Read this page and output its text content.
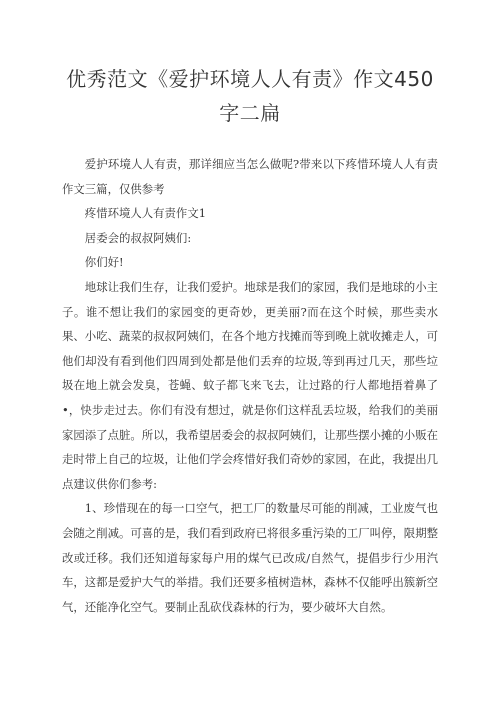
优秀范文《爱护环境人人有责》作文450字二扁

爱护环境人人有责，那详细应当怎么做呢?带来以下疼惜环境人人有责作文三篇，仅供参考

疼惜环境人人有责作文1

居委会的叔叔阿姨们:

你们好!

地球让我们生存，让我们爱护。地球是我们的家园，我们是地球的小主子。谁不想让我们的家园变的更奇妙，更美丽?而在这个时候，那些卖水果、小吃、蔬菜的叔叔阿姨们，在各个地方找摊而等到晚上就收摊走人，可他们却没有看到他们四周到处都是他们丢弃的垃圾,等到再过几天，那些垃圾在地上就会发臭，苍蝇、蚊子都飞来飞去，让过路的行人都地捂着鼻了•，快步走过去。你们有没有想过，就是你们这样乱丢垃圾，给我们的美丽家园添了点脏。所以，我希望居委会的叔叔阿姨们，让那些摆小摊的小贩在走时带上自己的垃圾，让他们学会疼惜好我们奇妙的家园，在此，我提出几点建议供你们参考:

1、珍惜现在的每一口空气，把工厂的数量尽可能的削减，工业废气也会随之削减。可喜的是，我们看到政府已将很多重污染的工厂叫停，限期整改或迁移。我们还知道每家每户用的煤气已改成/自然气，提倡步行少用汽车，这都是爱护大气的举措。我们还要多植树造林，森林不仅能呼出簇新空气，还能净化空气。要制止乱砍伐森林的行为，要少破坏大自然。
